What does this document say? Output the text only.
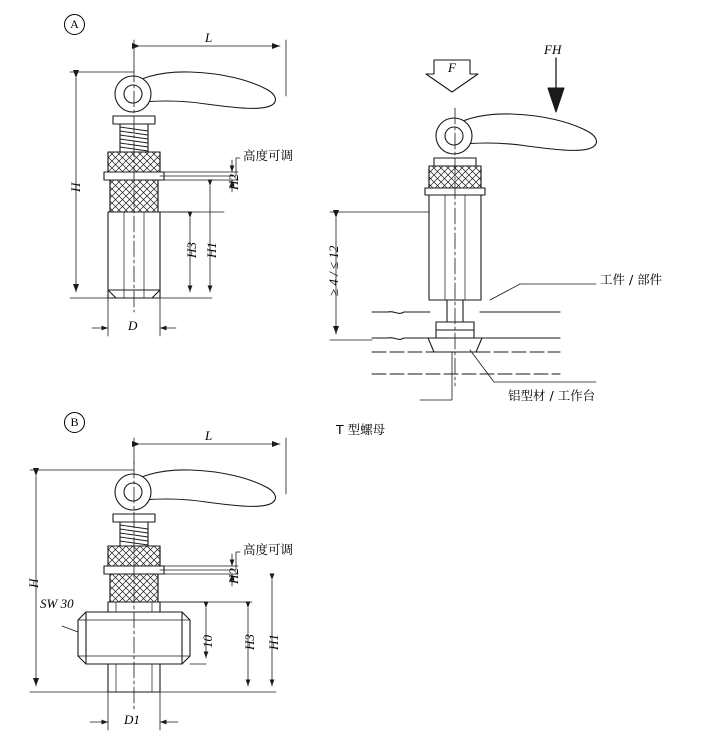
A
B
L
H
D
H2
H1
H3
高度可调
F
FH
≥ 4 / ≤ 12	工件 / 部件
铝型材 / 工作台
T 型螺母
L
H
D1
H2
H1
H3
10
SW 30
高度可调
